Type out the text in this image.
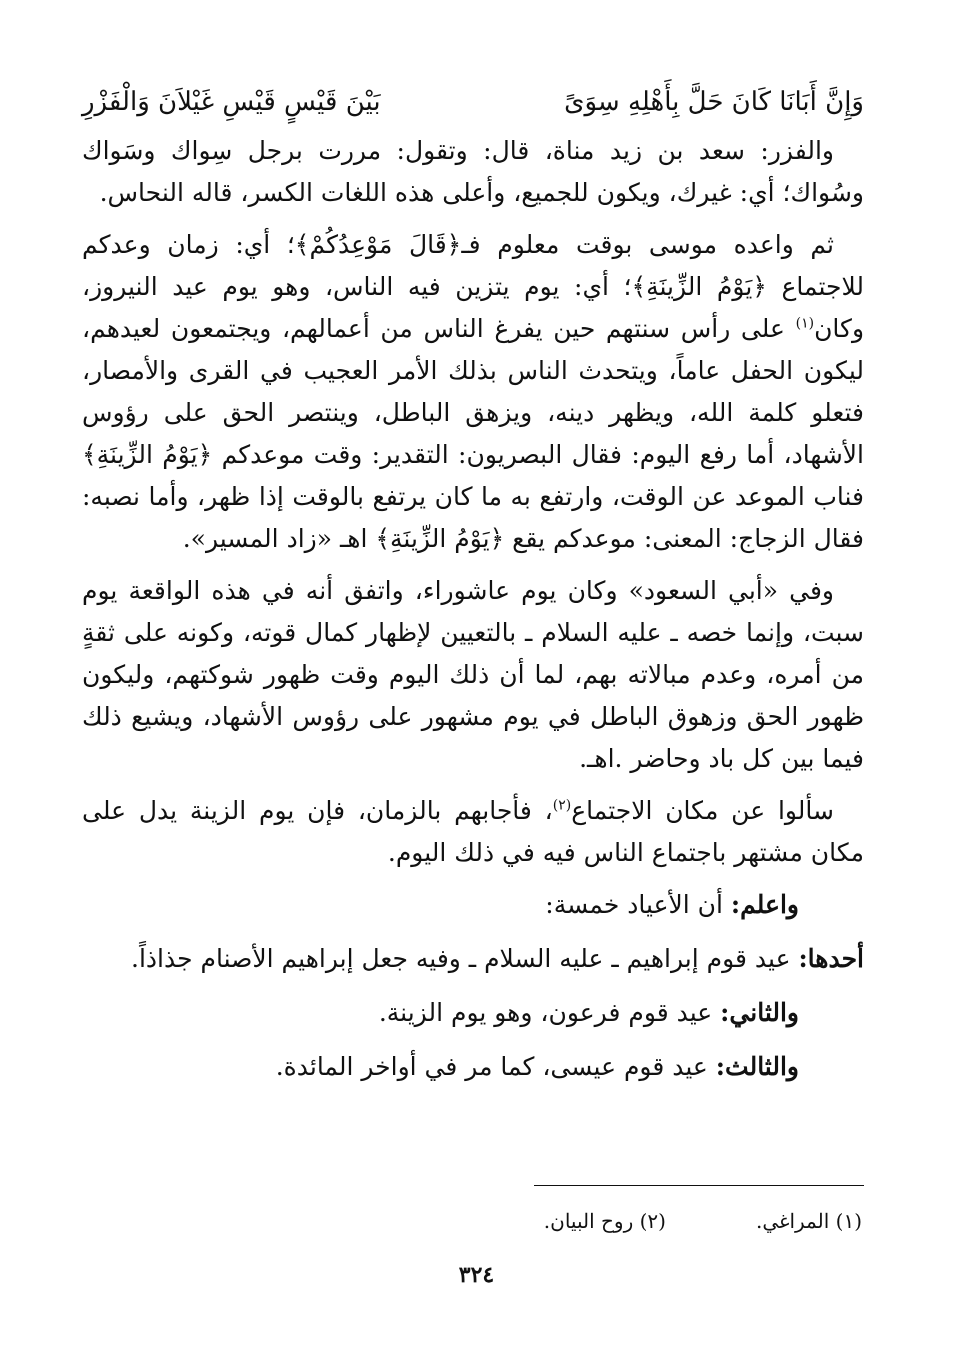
وَإِنَّ أَبَانَا كَانَ حَلَّ بِأَهْلِهِ سِوَىً
بَيْنَ قَيْسٍ قَيْسِ غَيْلاَنَ وَالْفَزْرِ

والفزر: سعد بن زيد مناة، قال: وتقول: مررت برجل سِواك وسَواك وسُواك؛ أي: غيرك، ويكون للجميع، وأعلى هذه اللغات الكسر، قاله النحاس.

ثم واعده موسى بوقت معلوم فـ﴿قَالَ مَوْعِدُكُمْ﴾؛ أي: زمان وعدكم للاجتماع ﴿يَوْمُ الزِّينَةِ﴾؛ أي: يوم يتزين فيه الناس، وهو يوم عيد النيروز، وكان$^{(١)}$ على رأس سنتهم حين يفرغ الناس من أعمالهم، ويجتمعون لعيدهم، ليكون الحفل عاماً، ويتحدث الناس بذلك الأمر العجيب في القرى والأمصار، فتعلو كلمة الله، ويظهر دينه، ويزهق الباطل، وينتصر الحق على رؤوس الأشهاد، أما رفع اليوم: فقال البصريون: التقدير: وقت موعدكم ﴿يَوْمُ الزِّينَةِ﴾ فناب الموعد عن الوقت، وارتفع به ما كان يرتفع بالوقت إذا ظهر، وأما نصبه: فقال الزجاج: المعنى: موعدكم يقع ﴿يَوْمُ الزِّينَةِ﴾ اهـ «زاد المسير».

وفي «أبي السعود» وكان يوم عاشوراء، واتفق أنه في هذه الواقعة يوم سبت، وإنما خصه ـ عليه السلام ـ بالتعيين لإظهار كمال قوته، وكونه على ثقةٍ من أمره، وعدم مبالاته بهم، لما أن ذلك اليوم وقت ظهور شوكتهم، وليكون ظهور الحق وزهوق الباطل في يوم مشهور على رؤوس الأشهاد، ويشيع ذلك فيما بين كل باد وحاضر .اهـ.

سألوا عن مكان الاجتماع$^{(٢)}$، فأجابهم بالزمان، فإن يوم الزينة يدل على مكان مشتهر باجتماع الناس فيه في ذلك اليوم.

واعلم: أن الأعياد خمسة:

أحدها: عيد قوم إبراهيم ـ عليه السلام ـ وفيه جعل إبراهيم الأصنام جذاذاً.

والثاني: عيد قوم فرعون، وهو يوم الزينة.

والثالث: عيد قوم عيسى، كما مر في أواخر المائدة.

(١) المراغي.
(٢) روح البيان.
٣٢٤
